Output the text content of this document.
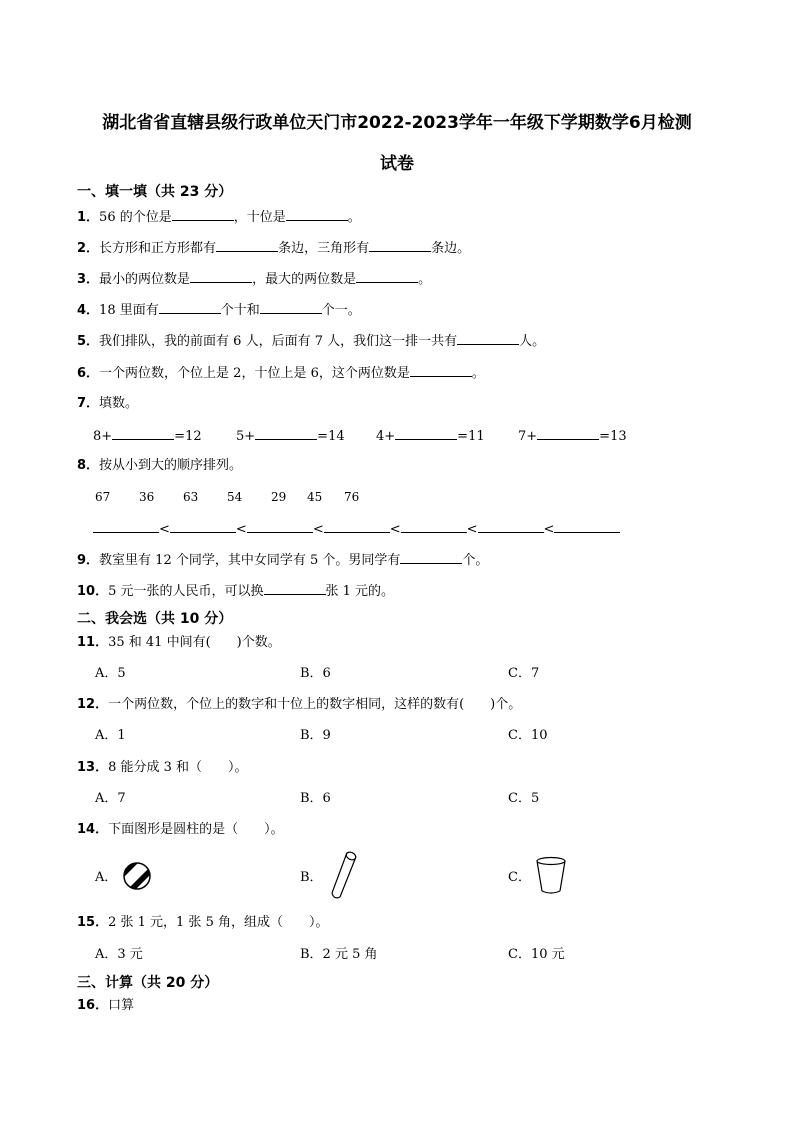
湖北省省直辖县级行政单位天门市2022-2023学年一年级下学期数学6月检测
试卷
一、填一填（共 23 分）
1．56 的个位是	，十位是	。
2．长方形和正方形都有	条边，三角形有	条边。
3．最小的两位数是	，最大的两位数是	。
4．18 里面有	个十和	个一。
5．我们排队，我的前面有 6 人，后面有 7 人，我们这一排一共有	人。
6．一个两位数，个位上是 2，十位上是 6，这个两位数是	。
7．填数。
8+	=12	5+	=14 4+	=11	7+	=13
8．按从小到大的顺序排列。
67 36 63 54 29 45 76
<	<	<	<	<	<
9．教室里有 12 个同学，其中女同学有 5 个。男同学有	个。
10．5 元一张的人民币，可以换	张 1 元的。
二、我会选（共 10 分）
11．35 和 41 中间有(　　)个数。
A．5	B．6	C．7
12．一个两位数，个位上的数字和十位上的数字相同，这样的数有(　　)个。
A．1	B．9	C．10
13．8 能分成 3 和（　　）。
A．7	B．6	C．5
14．下面图形是圆柱的是（　　）。
A．	B．	C．
15．2 张 1 元，1 张 5 角，组成（　　）。
A．3 元	B．2 元 5 角	C．10 元
三、计算（共 20 分）
16．口算
